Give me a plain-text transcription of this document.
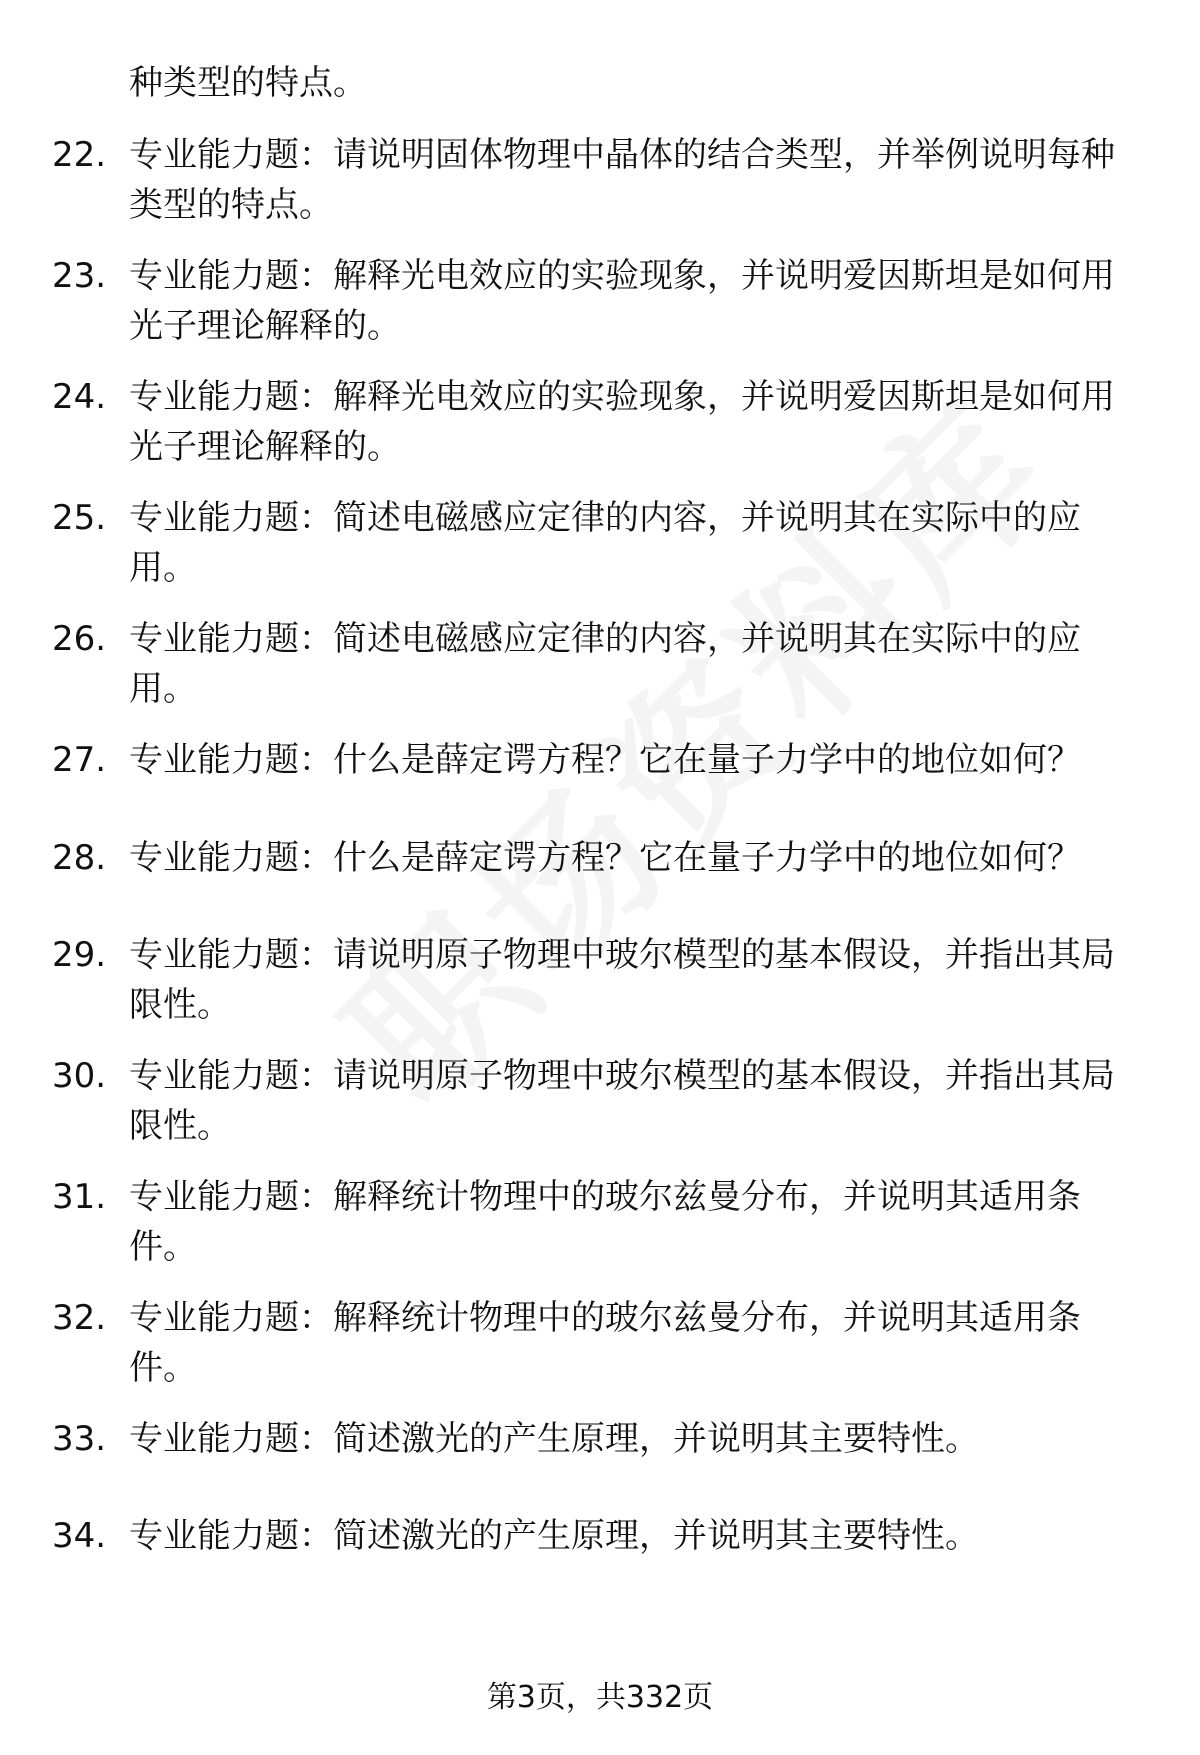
种类型的特点。
22. 专业能力题：请说明固体物理中晶体的结合类型，并举例说明每种类型的特点。
23. 专业能力题：解释光电效应的实验现象，并说明爱因斯坦是如何用光子理论解释的。
24. 专业能力题：解释光电效应的实验现象，并说明爱因斯坦是如何用光子理论解释的。
25. 专业能力题：简述电磁感应定律的内容，并说明其在实际中的应用。
26. 专业能力题：简述电磁感应定律的内容，并说明其在实际中的应用。
27. 专业能力题：什么是薛定谔方程？它在量子力学中的地位如何？
28. 专业能力题：什么是薛定谔方程？它在量子力学中的地位如何？
29. 专业能力题：请说明原子物理中玻尔模型的基本假设，并指出其局限性。
30. 专业能力题：请说明原子物理中玻尔模型的基本假设，并指出其局限性。
31. 专业能力题：解释统计物理中的玻尔兹曼分布，并说明其适用条件。
32. 专业能力题：解释统计物理中的玻尔兹曼分布，并说明其适用条件。
33. 专业能力题：简述激光的产生原理，并说明其主要特性。
34. 专业能力题：简述激光的产生原理，并说明其主要特性。
第3页，共332页
